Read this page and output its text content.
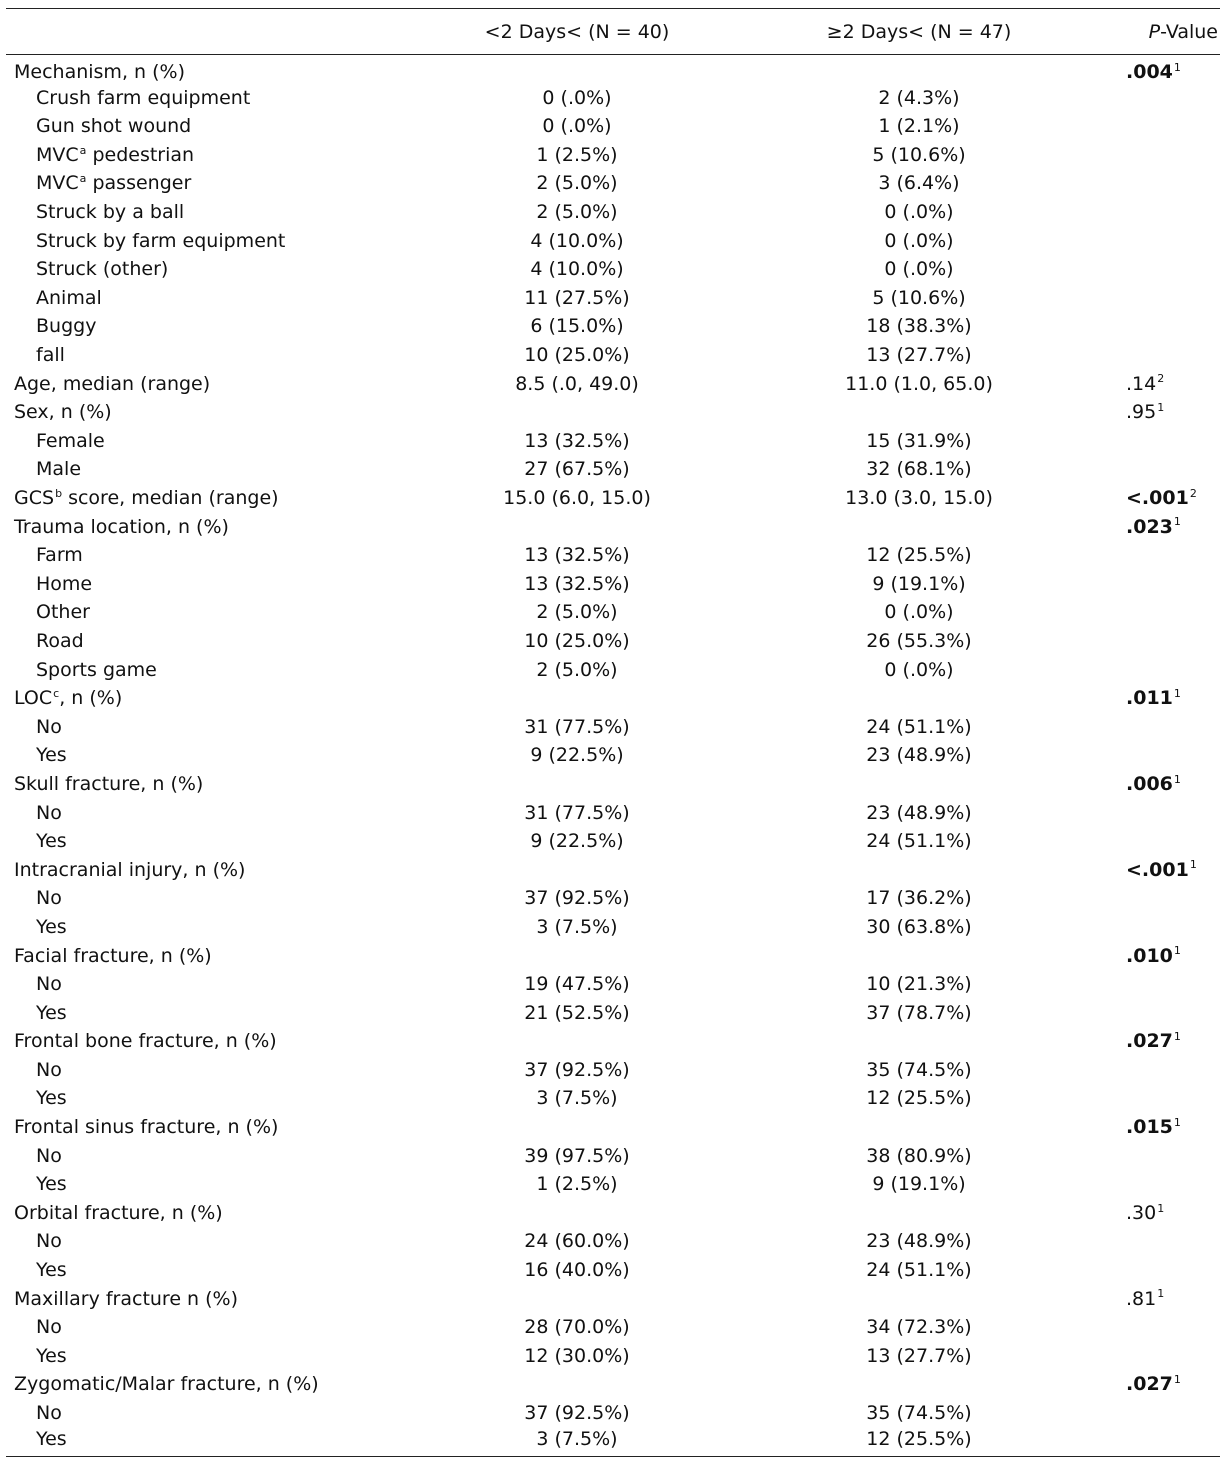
	<2 Days< (N = 40)	≥2 Days< (N = 47)	P-Value
Mechanism, n (%)			.004$^1$
Crush farm equipment	0 (.0%)	2 (4.3%)	
Gun shot wound	0 (.0%)	1 (2.1%)	
MVC$^a$ pedestrian	1 (2.5%)	5 (10.6%)	
MVC$^a$ passenger	2 (5.0%)	3 (6.4%)	
Struck by a ball	2 (5.0%)	0 (.0%)	
Struck by farm equipment	4 (10.0%)	0 (.0%)	
Struck (other)	4 (10.0%)	0 (.0%)	
Animal	11 (27.5%)	5 (10.6%)	
Buggy	6 (15.0%)	18 (38.3%)	
fall	10 (25.0%)	13 (27.7%)	
Age, median (range)	8.5 (.0, 49.0)	11.0 (1.0, 65.0)	$.14^2$
Sex, n (%)			$.95^1$
Female	13 (32.5%)	15 (31.9%)	
Male	27 (67.5%)	32 (68.1%)	
GCS$^b$ score, median (range)	15.0 (6.0, 15.0)	13.0 (3.0, 15.0)	$<.001^2$
Trauma location, n (%)			.023$^1$
Farm	13 (32.5%)	12 (25.5%)	
Home	13 (32.5%)	9 (19.1%)	
Other	2 (5.0%)	0 (.0%)	
Road	10 (25.0%)	26 (55.3%)	
Sports game	2 (5.0%)	0 (.0%)	
LOC$^c$, n (%)			.011$^1$
No	31 (77.5%)	24 (51.1%)	
Yes	9 (22.5%)	23 (48.9%)	
Skull fracture, n (%)			.006$^1$
No	31 (77.5%)	23 (48.9%)	
Yes	9 (22.5%)	24 (51.1%)	
Intracranial injury, n (%)			$<.001^1$
No	37 (92.5%)	17 (36.2%)	
Yes	3 (7.5%)	30 (63.8%)	
Facial fracture, n (%)			.010$^1$
No	19 (47.5%)	10 (21.3%)	
Yes	21 (52.5%)	37 (78.7%)	
Frontal bone fracture, n (%)			.027$^1$
No	37 (92.5%)	35 (74.5%)	
Yes	3 (7.5%)	12 (25.5%)	
Frontal sinus fracture, n (%)			.015$^1$
No	39 (97.5%)	38 (80.9%)	
Yes	1 (2.5%)	9 (19.1%)	
Orbital fracture, n (%)			$.30^1$
No	24 (60.0%)	23 (48.9%)	
Yes	16 (40.0%)	24 (51.1%)	
Maxillary fracture n (%)			$.81^1$
No	28 (70.0%)	34 (72.3%)	
Yes	12 (30.0%)	13 (27.7%)	
Zygomatic/Malar fracture, n (%)			.027$^1$
No	37 (92.5%)	35 (74.5%)	
Yes	3 (7.5%)	12 (25.5%)	
